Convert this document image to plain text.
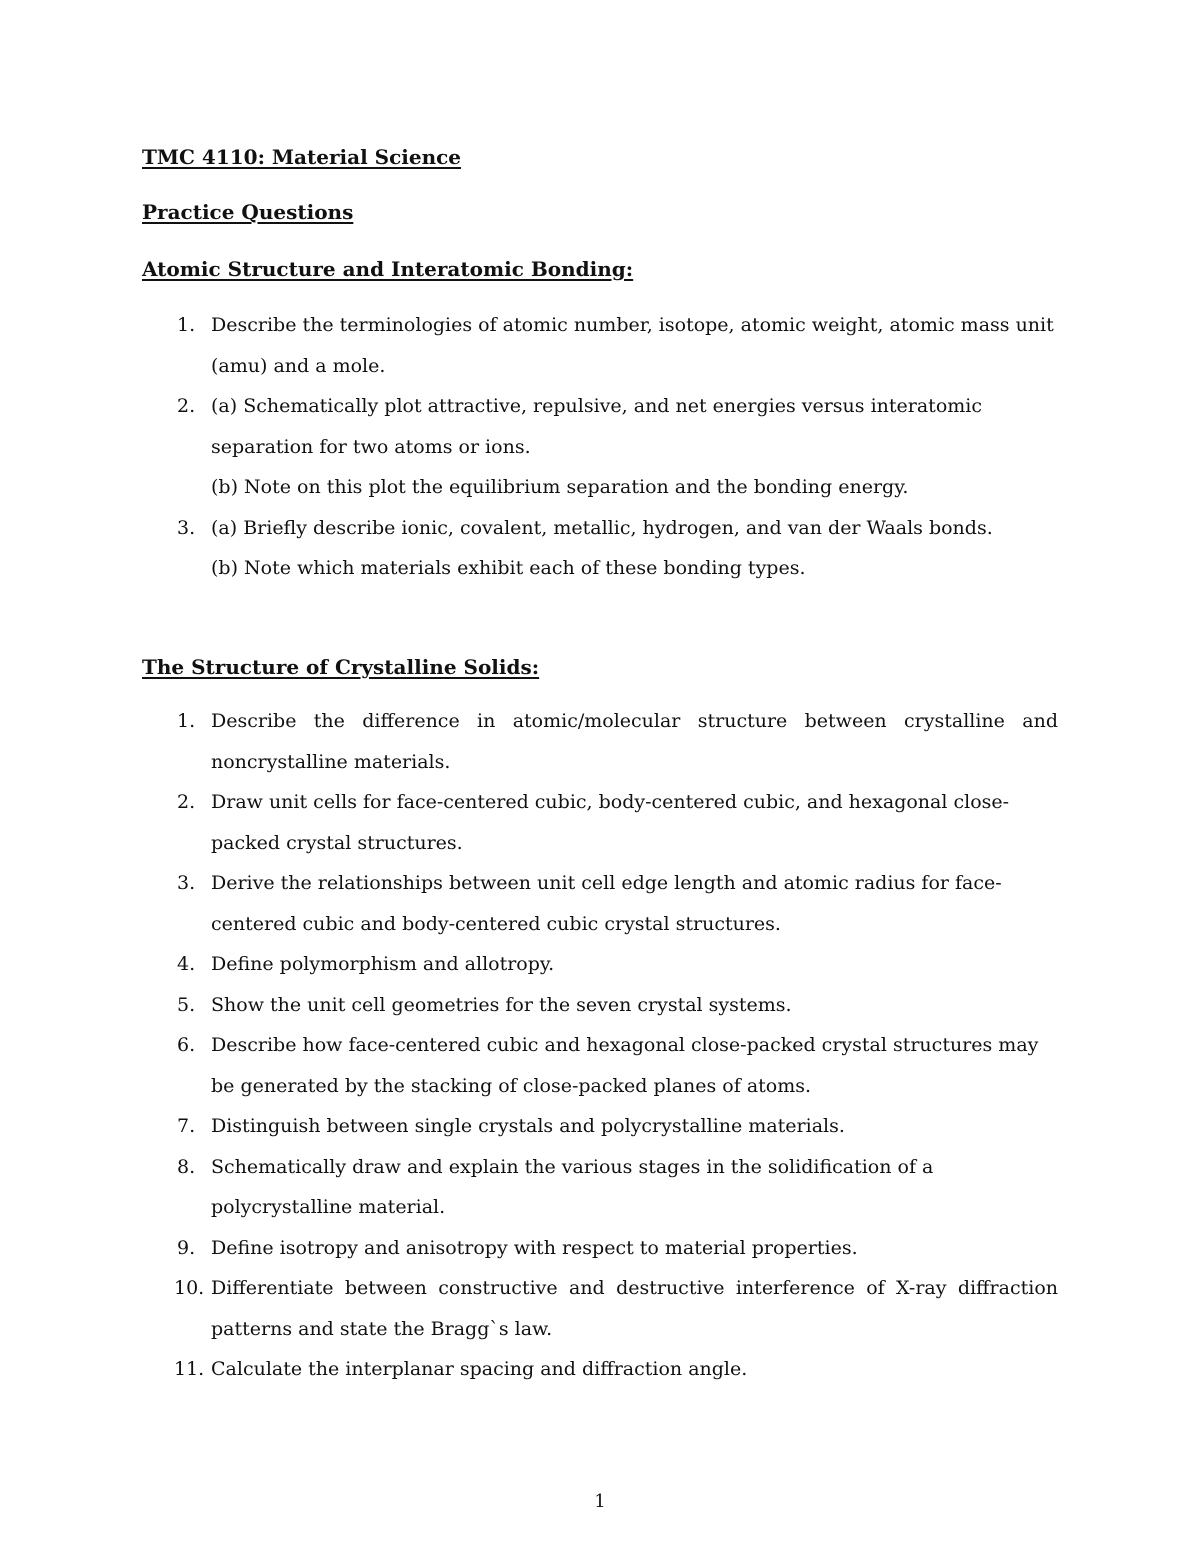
TMC 4110: Material Science
Practice Questions
Atomic Structure and Interatomic Bonding:
1. Describe the terminologies of atomic number, isotope, atomic weight, atomic mass unit (amu) and a mole.
2. (a) Schematically plot attractive, repulsive, and net energies versus interatomic separation for two atoms or ions.
(b) Note on this plot the equilibrium separation and the bonding energy.
3. (a) Briefly describe ionic, covalent, metallic, hydrogen, and van der Waals bonds.
(b) Note which materials exhibit each of these bonding types.
The Structure of Crystalline Solids:
1. Describe the difference in atomic/molecular structure between crystalline and noncrystalline materials.
2. Draw unit cells for face-centered cubic, body-centered cubic, and hexagonal close-packed crystal structures.
3. Derive the relationships between unit cell edge length and atomic radius for face-centered cubic and body-centered cubic crystal structures.
4. Define polymorphism and allotropy.
5. Show the unit cell geometries for the seven crystal systems.
6. Describe how face-centered cubic and hexagonal close-packed crystal structures may be generated by the stacking of close-packed planes of atoms.
7. Distinguish between single crystals and polycrystalline materials.
8. Schematically draw and explain the various stages in the solidification of a polycrystalline material.
9. Define isotropy and anisotropy with respect to material properties.
10. Differentiate between constructive and destructive interference of X-ray diffraction patterns and state the Bragg`s law.
11. Calculate the interplanar spacing and diffraction angle.
1
